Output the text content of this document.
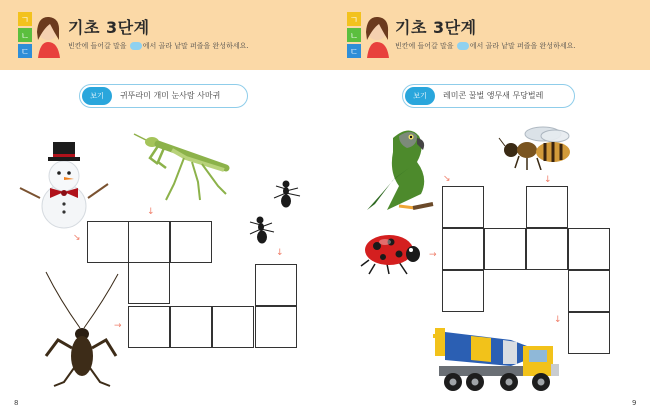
ㄱ
ㄴ
ㄷ
기초 3단계
빈칸에 들어갈 말을 에서 골라 낱말 퍼즐을 완성하세요.
보기	귀뚜라미 개미 눈사람 사마귀
↓
↓
↘
→
8
ㄱ
ㄴ
ㄷ
기초 3단계
빈칸에 들어갈 말을 에서 골라 낱말 퍼즐을 완성하세요.
보기	레미콘 꿀벌 앵무새 무당벌레
↘	↓
→
↓
9
